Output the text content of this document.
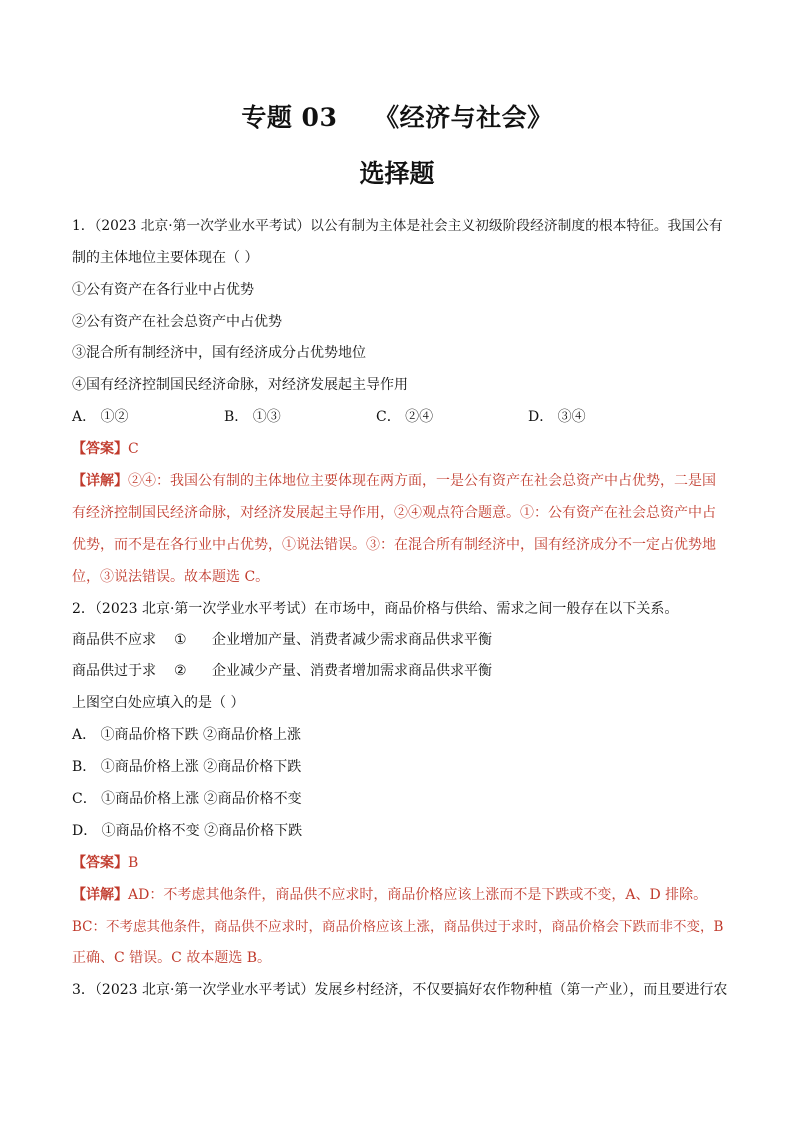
专题 03    《经济与社会》
选择题
1．（2023 北京·第一次学业水平考试）以公有制为主体是社会主义初级阶段经济制度的根本特征。我国公有
制的主体地位主要体现在（ ）
①公有资产在各行业中占优势
②公有资产在社会总资产中占优势
③混合所有制经济中，国有经济成分占优势地位
④国有经济控制国民经济命脉，对经济发展起主导作用
A． ①②	B． ①③	C． ②④	D． ③④
【答案】C
【详解】②④：我国公有制的主体地位主要体现在两方面，一是公有资产在社会总资产中占优势，二是国
有经济控制国民经济命脉，对经济发展起主导作用，②④观点符合题意。①：公有资产在社会总资产中占
优势，而不是在各行业中占优势，①说法错误。③：在混合所有制经济中，国有经济成分不一定占优势地
位，③说法错误。故本题选 C。
2．（2023 北京·第一次学业水平考试）在市场中，商品价格与供给、需求之间一般存在以下关系。
商品供不应求 ① 企业增加产量、消费者减少需求商品供求平衡
商品供过于求 ② 企业减少产量、消费者增加需求商品供求平衡
上图空白处应填入的是（ ）
A． ①商品价格下跌 ②商品价格上涨
B． ①商品价格上涨 ②商品价格下跌
C． ①商品价格上涨 ②商品价格不变
D． ①商品价格不变 ②商品价格下跌
【答案】B
【详解】AD：不考虑其他条件，商品供不应求时，商品价格应该上涨而不是下跌或不变，A、D 排除。
BC：不考虑其他条件，商品供不应求时，商品价格应该上涨，商品供过于求时，商品价格会下跌而非不变，B
正确、C 错误。C 故本题选 B。
3．（2023 北京·第一次学业水平考试）发展乡村经济，不仅要搞好农作物种植（第一产业），而且要进行农
